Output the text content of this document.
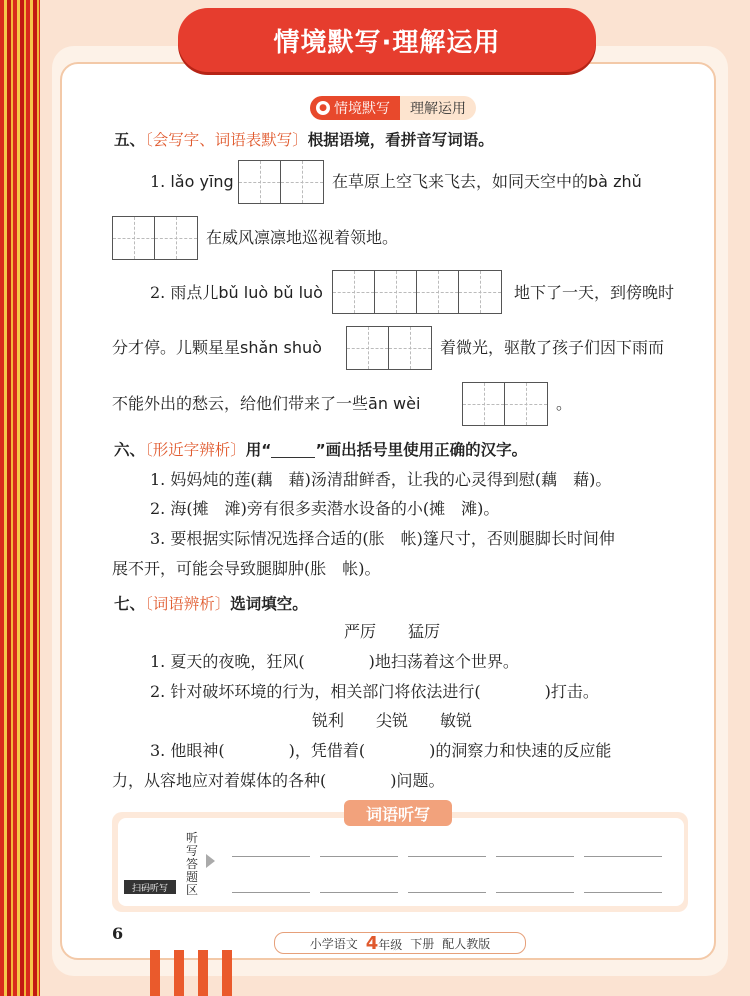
情境默写·理解运用
● 情境默写 理解运用
五、〔会写字、词语表默写〕根据语境，看拼音写词语。
1. lǎo yīng	在草原上空飞来飞去，如同天空中的bà zhǔ
在威风凛凛地巡视着领地。
2. 雨点儿bǔ luò bǔ luò	地下了一天，到傍晚时
分才停。儿颗星星shǎn shuò	着微光，驱散了孩子们因下雨而
不能外出的愁云，给他们带来了一些ān wèi	。
六、〔形近字辨析〕用“	”画出括号里使用正确的汉字。
1. 妈妈炖的莲(藕　藉)汤清甜鲜香，让我的心灵得到慰(藕　藉)。
2. 海(摊　滩)旁有很多卖潜水设备的小(摊　滩)。
3. 要根据实际情况选择合适的(胀　帐)篷尺寸，否则腿脚长时间伸
展不开，可能会导致腿脚肿(胀　帐)。
七、〔词语辨析〕选词填空。
严厉　　猛厉
1. 夏天的夜晚，狂风(　　　　)地扫荡着这个世界。
2. 针对破坏环境的行为，相关部门将依法进行(　　　　)打击。
锐利　　尖锐　　敏锐
3. 他眼神(　　　　)，凭借着(　　　　)的洞察力和快速的反应能
力，从容地应对着媒体的各种(　　　　)问题。
词语听写
扫码听写
听写答题区
6
小学语文 4年级 下册 配人教版
